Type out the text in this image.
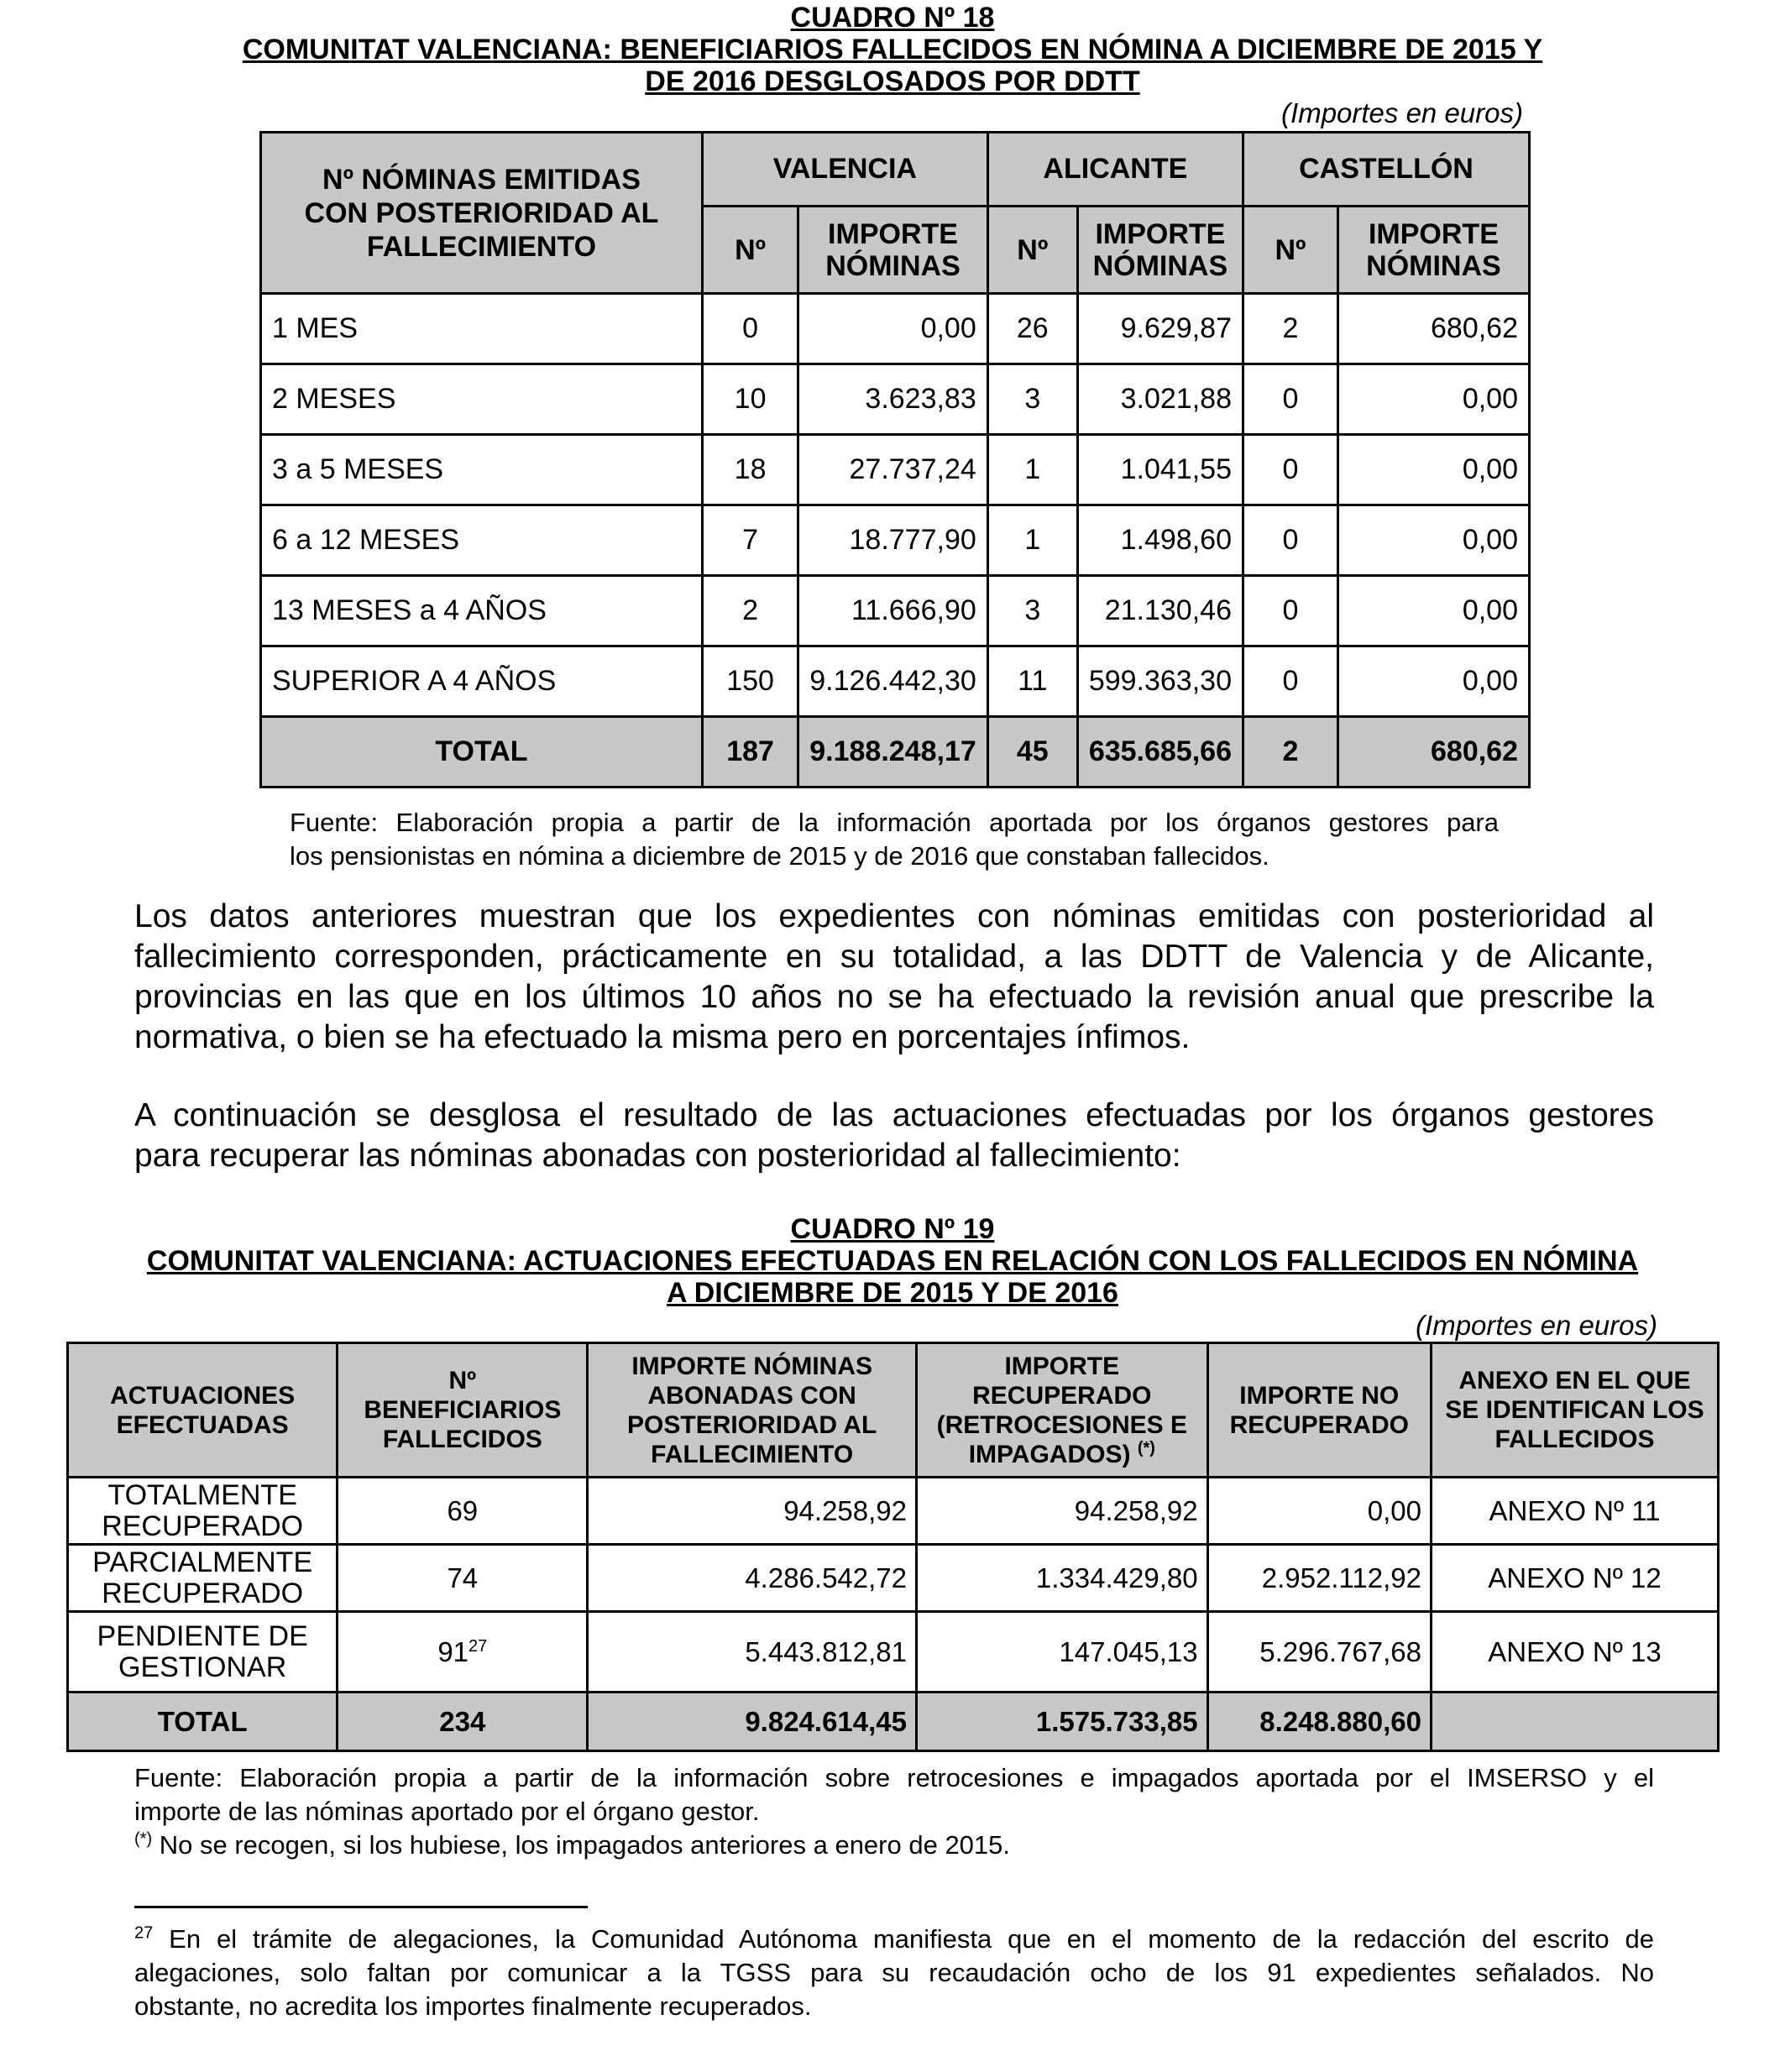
CUADRO Nº 18
COMUNITAT VALENCIANA: BENEFICIARIOS FALLECIDOS EN NÓMINA A DICIEMBRE DE 2015 Y
DE 2016 DESGLOSADOS POR DDTT
(Importes en euros)
Nº NÓMINAS EMITIDAS CON POSTERIORIDAD AL FALLECIMIENTO	VALENCIA		ALICANTE		CASTELLÓN	
	Nº	IMPORTE NÓMINAS	Nº	IMPORTE NÓMINAS	Nº	IMPORTE NÓMINAS
1 MES	0	0,00	26	9.629,87	2	680,62
2 MESES	10	3.623,83	3	3.021,88	0	0,00
3 a 5 MESES	18	27.737,24	1	1.041,55	0	0,00
6 a 12 MESES	7	18.777,90	1	1.498,60	0	0,00
13 MESES a 4 AÑOS	2	11.666,90	3	21.130,46	0	0,00
SUPERIOR A 4 AÑOS	150	9.126.442,30	11	599.363,30	0	0,00
TOTAL	187	9.188.248,17	45	635.685,66	2	680,62
Fuente: Elaboración propia a partir de la información aportada por los órganos gestores para
los pensionistas en nómina a diciembre de 2015 y de 2016 que constaban fallecidos.
Los datos anteriores muestran que los expedientes con nóminas emitidas con posterioridad al
fallecimiento corresponden, prácticamente en su totalidad, a las DDTT de Valencia y de Alicante,
provincias en las que en los últimos 10 años no se ha efectuado la revisión anual que prescribe la
normativa, o bien se ha efectuado la misma pero en porcentajes ínfimos.
A continuación se desglosa el resultado de las actuaciones efectuadas por los órganos gestores
para recuperar las nóminas abonadas con posterioridad al fallecimiento:
CUADRO Nº 19
COMUNITAT VALENCIANA: ACTUACIONES EFECTUADAS EN RELACIÓN CON LOS FALLECIDOS EN NÓMINA
A DICIEMBRE DE 2015 Y DE 2016
(Importes en euros)
ACTUACIONES EFECTUADAS	Nº BENEFICIARIOS FALLECIDOS	IMPORTE NÓMINAS ABONADAS CON POSTERIORIDAD AL FALLECIMIENTO	IMPORTE RECUPERADO (RETROCESIONES E IMPAGADOS) (*)	IMPORTE NO RECUPERADO	ANEXO EN EL QUE SE IDENTIFICAN LOS FALLECIDOS
TOTALMENTE RECUPERADO	69	94.258,92	94.258,92	0,00	ANEXO Nº 11
PARCIALMENTE RECUPERADO	74	4.286.542,72	1.334.429,80	2.952.112,92	ANEXO Nº 12
PENDIENTE DE GESTIONAR	$91^{27}$	5.443.812,81	147.045,13	5.296.767,68	ANEXO Nº 13
TOTAL	234	9.824.614,45	1.575.733,85	8.248.880,60	
Fuente: Elaboración propia a partir de la información sobre retrocesiones e impagados aportada por el IMSERSO y el
importe de las nóminas aportado por el órgano gestor.
(*) No se recogen, si los hubiese, los impagados anteriores a enero de 2015.
$^{27}$ En el trámite de alegaciones, la Comunidad Autónoma manifiesta que en el momento de la redacción del escrito de
alegaciones, solo faltan por comunicar a la TGSS para su recaudación ocho de los 91 expedientes señalados. No
obstante, no acredita los importes finalmente recuperados.
